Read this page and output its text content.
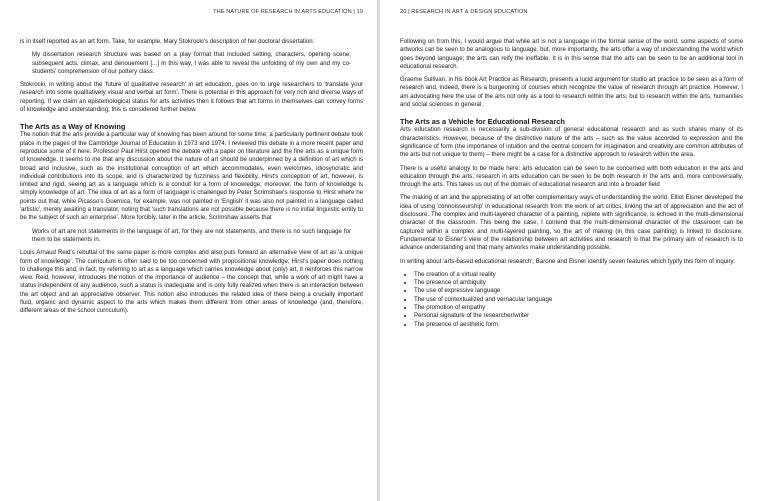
THE NATURE OF RESEARCH IN ARTS EDUCATION | 19

is in itself reported as an art form. Take, for example, Mary Stokrocki's description of her doctoral dissertation:

My dissertation research structure was based on a play format that included setting, characters, opening scene, subsequent acts, climax, and denouement [...] In this way, I was able to reveal the unfolding of my own and my co-students' comprehension of our pottery class.

Stokrocki, in writing about the 'future of qualitative research' in art education, goes on to urge researchers to 'translate your research into some qualitatively visual and verbal art form'. There is potential in this approach for very rich and diverse ways of reporting. If we claim an epistemological status for arts activities then it follows that art forms in themselves can convey forms of knowledge and understanding; this is considered further below.

The Arts as a Way of Knowing

The notion that the arts provide a particular way of knowing has been around for some time; a particularly pertinent debate took place in the pages of the Cambridge Journal of Education in 1973 and 1974; I reviewed this debate in a more recent paper and reproduce some of it here. Professor Paul Hirst opened the debate with a paper on literature and the fine arts as a unique form of knowledge. It seems to me that any discussion about the nature of art should be underpinned by a definition of art which is broad and inclusive, such as the institutional conception of art which accommodates, even welcomes, idiosyncratic and individual contributions into its scope, and is characterized by fuzziness and flexibility. Hirst's conception of art, however, is limited and rigid, seeing art as a language which is a conduit for a form of knowledge; moreover, the form of knowledge is simply knowledge of art. The idea of art as a form of language is challenged by Peter Scrimshaw's response to Hirst where he points out that, while Picasso's Guernica, for example, was not painted in 'English' it was also not painted in a language called 'artistic', merely awaiting a translator, noting that 'such translations are not possible because there is no initial linguistic entity to be the subject of such an enterprise'. More forcibly, later in the article, Scrimshaw asserts that

Works of art are not statements in the language of art, for they are not statements, and there is no such language for them to be statements in.

Louis Arnaud Reid's rebuttal of the same paper is more complex and also puts forward an alternative view of art as 'a unique form of knowledge'. The curriculum is often said to be too concerned with propositional knowledge; Hirst's paper does nothing to challenge this and, in fact, by referring to art as a language which carries knowledge about (only) art, it reinforces this narrow view. Reid, however, introduces the notion of the importance of audience – the concept that, while a work of art might have a status independent of any audience, such a status is inadequate and is only fully realized when there is an interaction between the art object and an appreciative observer. This notion also introduces the related idea of there being a crucially important fluid, organic and dynamic aspect to the arts which makes them different from other areas of knowledge (and, therefore, different areas of the school curriculum).

20 | RESEARCH IN ART & DESIGN EDUCATION

Following on from this, I would argue that while art is not a language in the formal sense of the word, some aspects of some artworks can be seen to be analogous to language, but, more importantly, the arts offer a way of understanding the world which goes beyond language; the arts can reify the ineffable. It is in this sense that the arts can be seen to be an additional tool in educational research.

Graeme Sullivan, in his book Art Practice as Research, presents a lucid argument for studio art practice to be seen as a form of research and, indeed, there is a burgeoning of courses which recognize the value of research through art practice. However, I am advocating here the use of the arts not only as a tool to research within the arts; but to research within the arts, humanities and social sciences in general.

The Arts as a Vehicle for Educational Research

Arts education research is necessarily a sub-division of general educational research and as such shares many of its characteristics. However, because of the distinctive nature of the arts – such as the value accorded to expression and the significance of form (the importance of intuition and the central concern for imagination and creativity are common attributes of the arts but not unique to them) – there might be a case for a distinctive approach to research within the area.

There is a useful analogy to be made here: arts education can be seen to be concerned with both education in the arts and education through the arts; research in arts education can be seen to be both research in the arts and, more controversially, through the arts. This takes us out of the domain of educational research and into a broader field

The making of art and the appreciating of art offer complementary ways of understanding the world. Elliot Eisner developed the idea of using 'connoisseurship' in educational research from the work of art critics, linking the art of appreciation and the act of disclosure. The complex and multi-layered character of a painting, replete with significance, is echoed in the multi-dimensional character of the classroom. This being the case, I contend that the multi-dimensional character of the classroom can be captured within a complex and multi-layered painting, so the art of making (in this case painting) is linked to disclosure. Fundamental to Eisner's view of the relationship between art activities and research is that the primary aim of research is to advance understanding and that many artworks make understanding possible.

In writing about 'arts-based educational research', Barone and Eisner identify seven features which typify this form of inquiry:

• The creation of a virtual reality
• The presence of ambiguity
• The use of expressive language
• The use of contextualized and vernacular language
• The promotion of empathy
• Personal signature of the researcher/writer
• The presence of aesthetic form
